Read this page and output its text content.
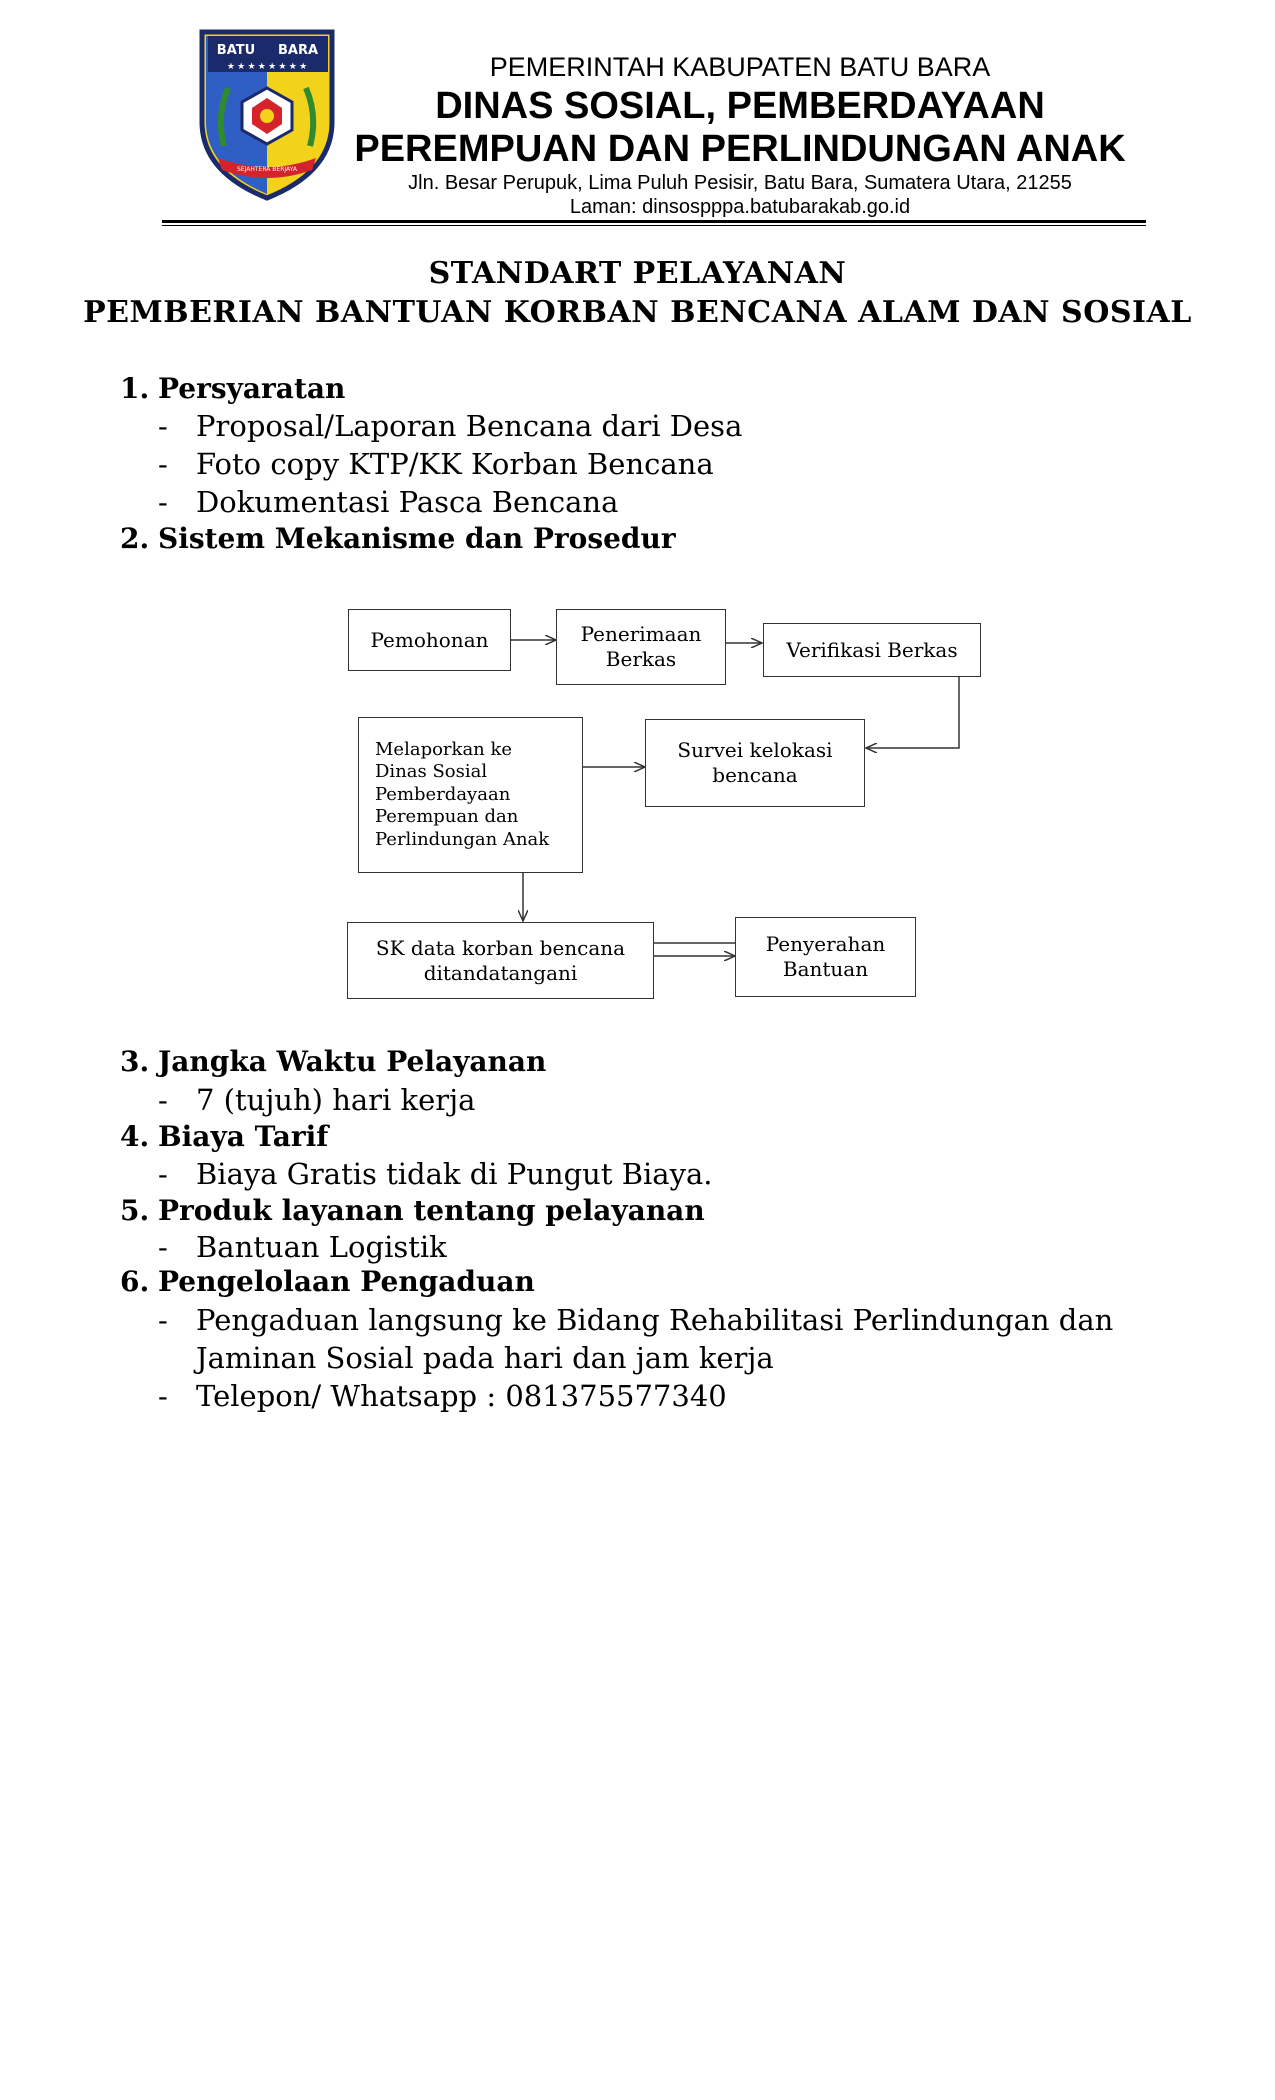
BATU BARA
★ ★ ★ ★ ★ ★ ★ ★
SEJAHTERA BERJAYA
PEMERINTAH KABUPATEN BATU BARA
DINAS SOSIAL, PEMBERDAYAAN
PEREMPUAN DAN PERLINDUNGAN ANAK
Jln. Besar Perupuk, Lima Puluh Pesisir, Batu Bara, Sumatera Utara, 21255
Laman: dinsospppa.batubarakab.go.id
STANDART PELAYANAN
PEMBERIAN BANTUAN KORBAN BENCANA ALAM DAN SOSIAL
1. Persyaratan
- Proposal/Laporan Bencana dari Desa
- Foto copy KTP/KK Korban Bencana
- Dokumentasi Pasca Bencana
2. Sistem Mekanisme dan Prosedur
Pemohonan	Penerimaan
Berkas	Verifikasi Berkas
Melaporkan ke
Dinas Sosial
Pemberdayaan
Perempuan dan
Perlindungan Anak
Survei kelokasi
bencana
SK data korban bencana
ditandatangani
Penyerahan
Bantuan
3. Jangka Waktu Pelayanan
- 7 (tujuh) hari kerja
4. Biaya Tarif
- Biaya Gratis tidak di Pungut Biaya.
5. Produk layanan tentang pelayanan
- Bantuan Logistik
6. Pengelolaan Pengaduan
- Pengaduan langsung ke Bidang Rehabilitasi Perlindungan dan
Jaminan Sosial pada hari dan jam kerja
- Telepon/ Whatsapp : 081375577340
